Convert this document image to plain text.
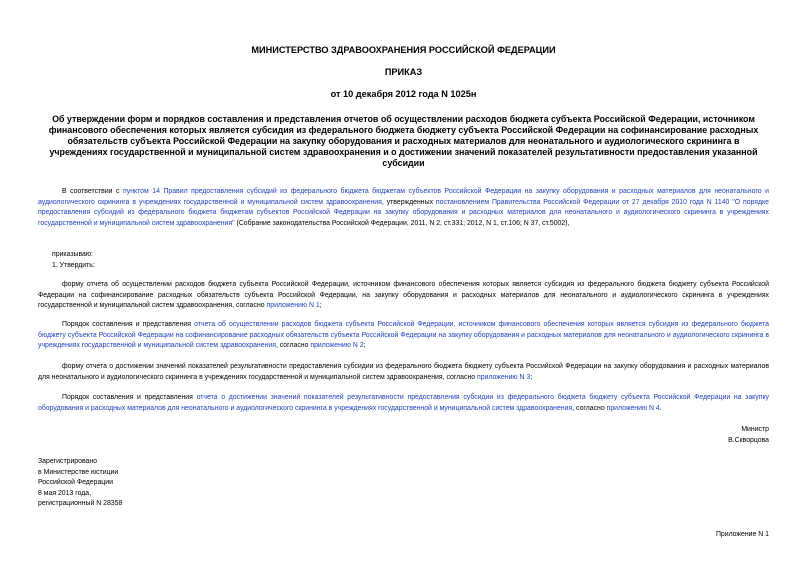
МИНИСТЕРСТВО ЗДРАВООХРАНЕНИЯ РОССИЙСКОЙ ФЕДЕРАЦИИ
ПРИКАЗ
от 10 декабря 2012 года N 1025н
Об утверждении форм и порядков составления и представления отчетов об осуществлении расходов бюджета субъекта Российской Федерации, источником финансового обеспечения которых является субсидия из федерального бюджета бюджету субъекта Российской Федерации на софинансирование расходных обязательств субъекта Российской Федерации на закупку оборудования и расходных материалов для неонатального и аудиологического скрининга в учреждениях государственной и муниципальной систем здравоохранения и о достижении значений показателей результативности предоставления указанной субсидии
В соответствии с пунктом 14 Правил предоставления субсидий из федерального бюджета бюджетам субъектов Российской Федерации на закупку оборудования и расходных материалов для неонатального и аудиологического скрининга в учреждениях государственной и муниципальной систем здравоохранения, утвержденных постановлением Правительства Российской Федерации от 27 декабря 2010 года N 1140 "О порядке предоставления субсидий из федерального бюджета бюджетам субъектов Российской Федерации на закупку оборудования и расходных материалов для неонатального и аудиологического скрининга в учреждениях государственной и муниципальной систем здравоохранения" (Собрание законодательства Российской Федерации, 2011, N 2, ст.331; 2012, N 1, ст.106; N 37, ст.5002),
приказываю:
1. Утвердить:
форму отчета об осуществлении расходов бюджета субъекта Российской Федерации, источником финансового обеспечения которых является субсидия из федерального бюджета бюджету субъекта Российской Федерации на софинансирование расходных обязательств субъекта Российской Федерации, на закупку оборудования и расходных материалов для неонатального и аудиологического скрининга в учреждениях государственной и муниципальной систем здравоохранения, согласно приложению N 1;
Порядок составления и представления отчета об осуществлении расходов бюджета субъекта Российской Федерации, источником финансового обеспечения которых является субсидия из федерального бюджета бюджету субъекта Российской Федерации на софинансирование расходных обязательств субъекта Российской Федерации на закупку оборудования и расходных материалов для неонатального и аудиологического скрининга в учреждениях государственной и муниципальной систем здравоохранения, согласно приложению N 2;
форму отчета о достижении значений показателей результативности предоставления субсидии из федерального бюджета бюджету субъекта Российской Федерации на закупку оборудования и расходных материалов для неонатального и аудиологического скрининга в учреждениях государственной и муниципальной систем здравоохранения, согласно приложению N 3;
Порядок составления и представления отчета о достижении значений показателей результативности предоставления субсидии из федерального бюджета бюджету субъекта Российской Федерации на закупку оборудования и расходных материалов для неонатального и аудиологического скрининга в учреждениях государственной и муниципальной систем здравоохранения, согласно приложению N 4.
Министр
В.Скворцова
Зарегистрировано
в Министерстве юстиции
Российской Федерации
8 мая 2013 года,
регистрационный N 28358
Приложение N 1
